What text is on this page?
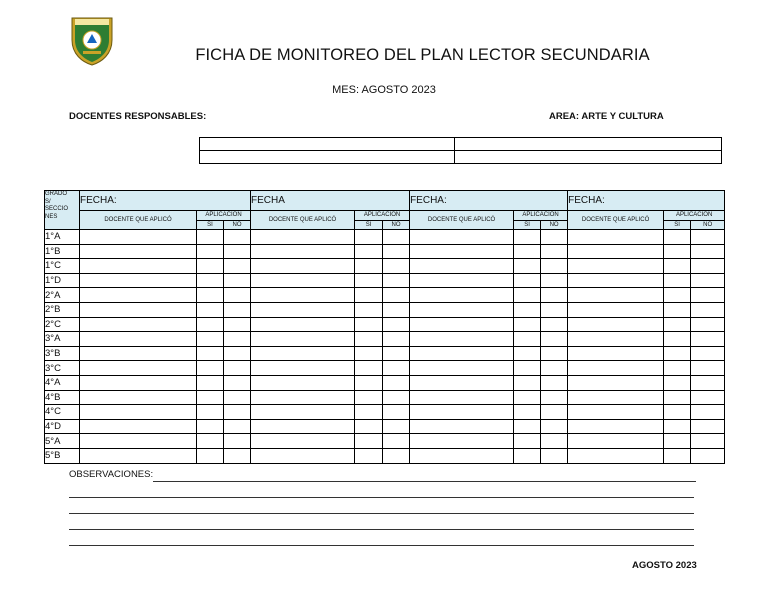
FICHA DE MONITOREO DEL PLAN LECTOR SECUNDARIA
MES: AGOSTO 2023
DOCENTES RESPONSABLES:	AREA: ARTE Y CULTURA

GRADO
S/
SECCIO
NES	FECHA:			FECHA			FECHA:			FECHA:		
	DOCENTE QUE APLICÓ	APLICACIÓN		DOCENTE QUE APLICÓ	APLICACION		DOCENTE QUE APLICÓ	APLICACION		DOCENTE QUE APLICÓ	APLICACION	
		SI	NO		SI	NO		SI	NO		SI	NO
1°A												
1°B												
1°C												
1°D												
2°A												
2°B												
2°C												
3°A												
3°B												
3°C												
4°A												
4°B												
4°C												
4°D												
5°A												
5°B												
OBSERVACIONES:
AGOSTO 2023
